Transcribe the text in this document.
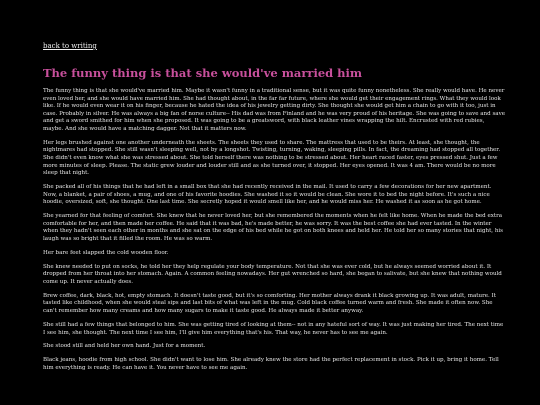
back to writing
The funny thing is that she would've married him

The funny thing is that she would've married him. Maybe it wasn't funny in a traditional sense, but it was quite funny nonetheless. She really would have. He never even loved her, and she would have married him. She had thought about, in the far far future, where she would get their engagement rings. What they would look like. If he would even wear it on his finger, because he hated the idea of his jewelry getting dirty. She thought she would get him a chain to go with it too, just in case. Probably in silver. He was always a big fan of norse culture-- His dad was from Finland and he was very proud of his heritage. She was going to save and save and get a sword smithed for him when she proposed. It was going to be a greatsword, with black leather vines wrapping the hilt. Encrusted with red rubies, maybe. And she would have a matching dagger. Not that it matters now.

Her legs brushed against one another underneath the sheets. The sheets they used to share. The mattress that used to be theirs. At least, she thought, the nightmares had stopped. She still wasn't sleeping well, not by a longshot. Twisting, turning, waking, sleeping pills. In fact, the dreaming had stopped all together. She didn't even know what she was stressed about. She told herself there was nothing to be stressed about. Her heart raced faster, eyes pressed shut. Just a few more minutes of sleep. Please. The static grew louder and louder still and as she turned over, it stopped. Her eyes opened. It was 4 am. There would be no more sleep that night.

She packed all of his things that he had left in a small box that she had recently received in the mail. It used to carry a few decorations for her new apartment. Now, a blanket, a pair of shoes, a mug, and one of his favorite hoodies. She washed it so it would be clean. She wore it to bed the night before. It's such a nice hoodie, oversized, soft, she thought. One last time. She secretly hoped it would smell like her, and he would miss her. He washed it as soon as he got home.

She yearned for that feeling of comfort. She knew that he never loved her, but she remembered the moments when he felt like home. When he made the bed extra comfortable for her, and then made her coffee. He said that it was bad, he's made better, he was sorry. It was the best coffee she had ever tasted. In the winter when they hadn't seen each other in months and she sat on the edge of his bed while he got on both knees and held her. He told her so many stories that night, his laugh was so bright that it filled the room. He was so warm.

Her bare feet slapped the cold wooden floor.

She knew needed to put on socks, he told her they help regulate your body temperature. Not that she was ever cold, but he always seemed worried about it. It dropped from her throat into her stomach. Again. A common feeling nowadays. Her gut wrenched so hard, she began to salivate, but she knew that nothing would come up. It never actually does.

Brew coffee, dark, black, hot, empty stomach. It doesn't taste good, but it's so comforting. Her mother always drank it black growing up. It was adult, mature. It tasted like childhood, when she would steal sips and last bits of what was left in the mug. Cold black coffee turned warm and fresh. She made it often now. She can't remember how many creams and how many sugars to make it taste good. He always made it better anyway.

She still had a few things that belonged to him. She was getting tired of looking at them-- not in any hateful sort of way. It was just making her tired. The next time I see him, she thought. The next time I see him, I'll give him everything that's his. That way, he never has to see me again.

She stood still and held her own hand. Just for a moment.

Black jeans, hoodie from high school. She didn't want to lose him. She already knew the store had the perfect replacement in stock. Pick it up, bring it home. Tell him everything is ready. He can have it. You never have to see me again.
